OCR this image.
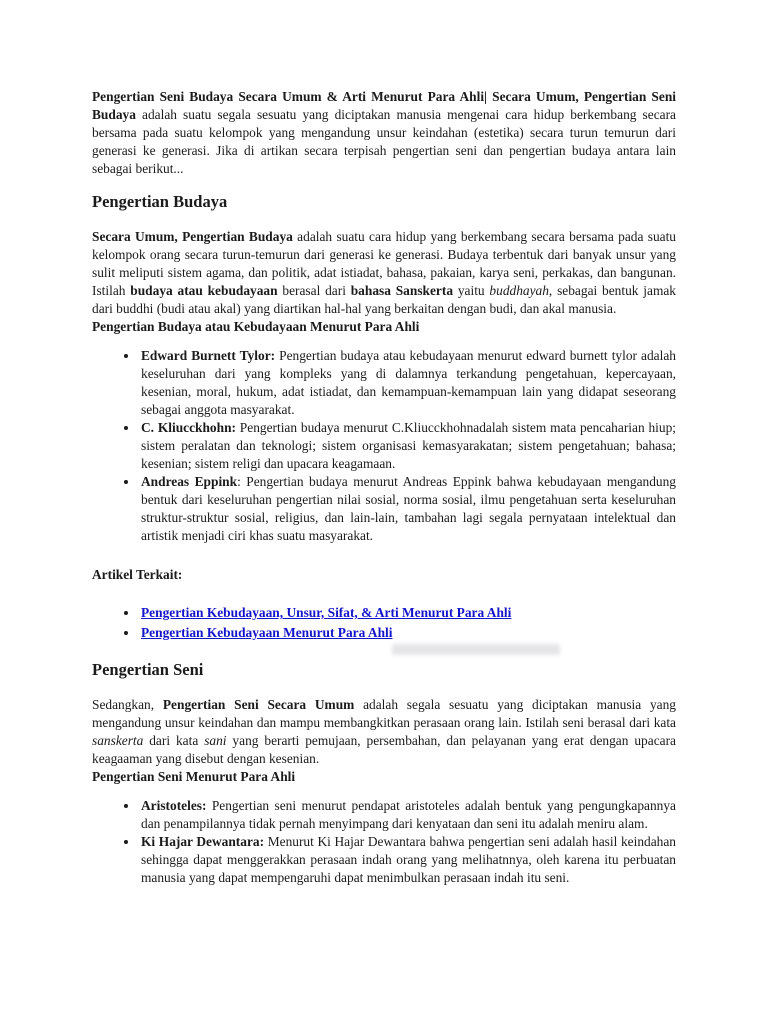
Pengertian Seni Budaya Secara Umum & Arti Menurut Para Ahli| Secara Umum, Pengertian Seni Budaya adalah suatu segala sesuatu yang diciptakan manusia mengenai cara hidup berkembang secara bersama pada suatu kelompok yang mengandung unsur keindahan (estetika) secara turun temurun dari generasi ke generasi. Jika di artikan secara terpisah pengertian seni dan pengertian budaya antara lain sebagai berikut...

Pengertian Budaya

Secara Umum, Pengertian Budaya adalah suatu cara hidup yang berkembang secara bersama pada suatu kelompok orang secara turun-temurun dari generasi ke generasi. Budaya terbentuk dari banyak unsur yang sulit meliputi sistem agama, dan politik, adat istiadat, bahasa, pakaian, karya seni, perkakas, dan bangunan. Istilah budaya atau kebudayaan berasal dari bahasa Sanskerta yaitu buddhayah, sebagai bentuk jamak dari buddhi (budi atau akal) yang diartikan hal-hal yang berkaitan dengan budi, dan akal manusia.

Pengertian Budaya atau Kebudayaan Menurut Para Ahli

• Edward Burnett Tylor: Pengertian budaya atau kebudayaan menurut edward burnett tylor adalah keseluruhan dari yang kompleks yang di dalamnya terkandung pengetahuan, kepercayaan, kesenian, moral, hukum, adat istiadat, dan kemampuan-kemampuan lain yang didapat seseorang sebagai anggota masyarakat.
• C. Kliucckhohn: Pengertian budaya menurut C.Kliucckhohnadalah sistem mata pencaharian hiup; sistem peralatan dan teknologi; sistem organisasi kemasyarakatan; sistem pengetahuan; bahasa; kesenian; sistem religi dan upacara keagamaan.
• Andreas Eppink: Pengertian budaya menurut Andreas Eppink bahwa kebudayaan mengandung bentuk dari keseluruhan pengertian nilai sosial, norma sosial, ilmu pengetahuan serta keseluruhan struktur-struktur sosial, religius, dan lain-lain, tambahan lagi segala pernyataan intelektual dan artistik menjadi ciri khas suatu masyarakat.

Artikel Terkait:

• Pengertian Kebudayaan, Unsur, Sifat, & Arti Menurut Para Ahli
• Pengertian Kebudayaan Menurut Para Ahli
Pengertian Seni

Sedangkan, Pengertian Seni Secara Umum adalah segala sesuatu yang diciptakan manusia yang mengandung unsur keindahan dan mampu membangkitkan perasaan orang lain. Istilah seni berasal dari kata sanskerta dari kata sani yang berarti pemujaan, persembahan, dan pelayanan yang erat dengan upacara keagaaman yang disebut dengan kesenian.

Pengertian Seni Menurut Para Ahli

• Aristoteles: Pengertian seni menurut pendapat aristoteles adalah bentuk yang pengungkapannya dan penampilannya tidak pernah menyimpang dari kenyataan dan seni itu adalah meniru alam.
• Ki Hajar Dewantara: Menurut Ki Hajar Dewantara bahwa pengertian seni adalah hasil keindahan sehingga dapat menggerakkan perasaan indah orang yang melihatnnya, oleh karena itu perbuatan manusia yang dapat mempengaruhi dapat menimbulkan perasaan indah itu seni.
